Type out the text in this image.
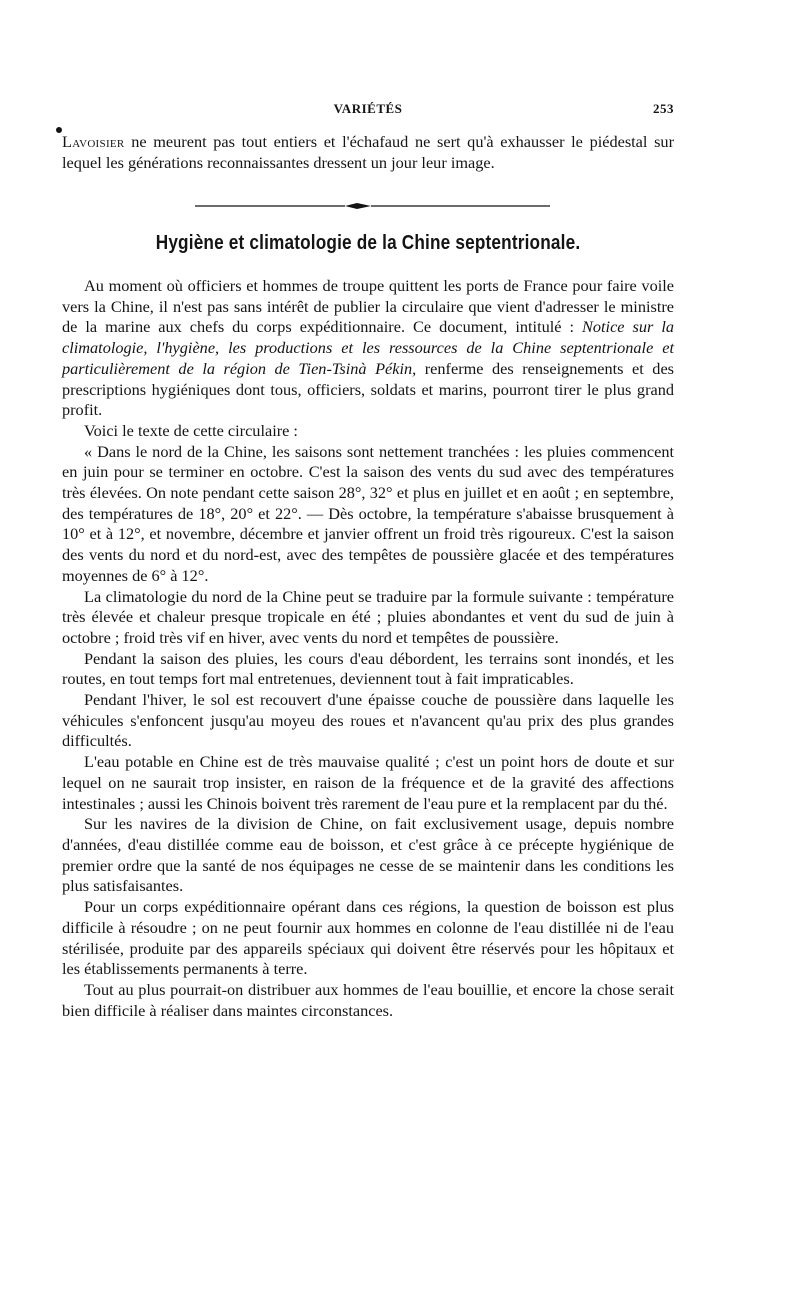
VARIÉTÉS	253

Lavoisier ne meurent pas tout entiers et l'échafaud ne sert qu'à exhausser le piédestal sur lequel les générations reconnaissantes dressent un jour leur image.

Hygiène et climatologie de la Chine septentrionale.

Au moment où officiers et hommes de troupe quittent les ports de France pour faire voile vers la Chine, il n'est pas sans intérêt de publier la circulaire que vient d'adresser le ministre de la marine aux chefs du corps expéditionnaire. Ce document, intitulé : Notice sur la climatologie, l'hygiène, les productions et les ressources de la Chine septentrionale et particulièrement de la région de Tien-Tsinà Pékin, renferme des renseignements et des prescriptions hygiéniques dont tous, officiers, soldats et marins, pourront tirer le plus grand profit.

Voici le texte de cette circulaire :

« Dans le nord de la Chine, les saisons sont nettement tranchées : les pluies commencent en juin pour se terminer en octobre. C'est la saison des vents du sud avec des températures très élevées. On note pendant cette saison 28°, 32° et plus en juillet et en août ; en septembre, des températures de 18°, 20° et 22°. — Dès octobre, la température s'abaisse brusquement à 10° et à 12°, et novembre, décembre et janvier offrent un froid très rigoureux. C'est la saison des vents du nord et du nord-est, avec des tempêtes de poussière glacée et des températures moyennes de 6° à 12°.

La climatologie du nord de la Chine peut se traduire par la formule suivante : température très élevée et chaleur presque tropicale en été ; pluies abondantes et vent du sud de juin à octobre ; froid très vif en hiver, avec vents du nord et tempêtes de poussière.

Pendant la saison des pluies, les cours d'eau débordent, les terrains sont inondés, et les routes, en tout temps fort mal entretenues, deviennent tout à fait impraticables.

Pendant l'hiver, le sol est recouvert d'une épaisse couche de poussière dans laquelle les véhicules s'enfoncent jusqu'au moyeu des roues et n'avancent qu'au prix des plus grandes difficultés.

L'eau potable en Chine est de très mauvaise qualité ; c'est un point hors de doute et sur lequel on ne saurait trop insister, en raison de la fréquence et de la gravité des affections intestinales ; aussi les Chinois boivent très rarement de l'eau pure et la remplacent par du thé.

Sur les navires de la division de Chine, on fait exclusivement usage, depuis nombre d'années, d'eau distillée comme eau de boisson, et c'est grâce à ce précepte hygiénique de premier ordre que la santé de nos équipages ne cesse de se maintenir dans les conditions les plus satisfaisantes.

Pour un corps expéditionnaire opérant dans ces régions, la question de boisson est plus difficile à résoudre ; on ne peut fournir aux hommes en colonne de l'eau distillée ni de l'eau stérilisée, produite par des appareils spéciaux qui doivent être réservés pour les hôpitaux et les établissements permanents à terre.

Tout au plus pourrait-on distribuer aux hommes de l'eau bouillie, et encore la chose serait bien difficile à réaliser dans maintes circonstances.
